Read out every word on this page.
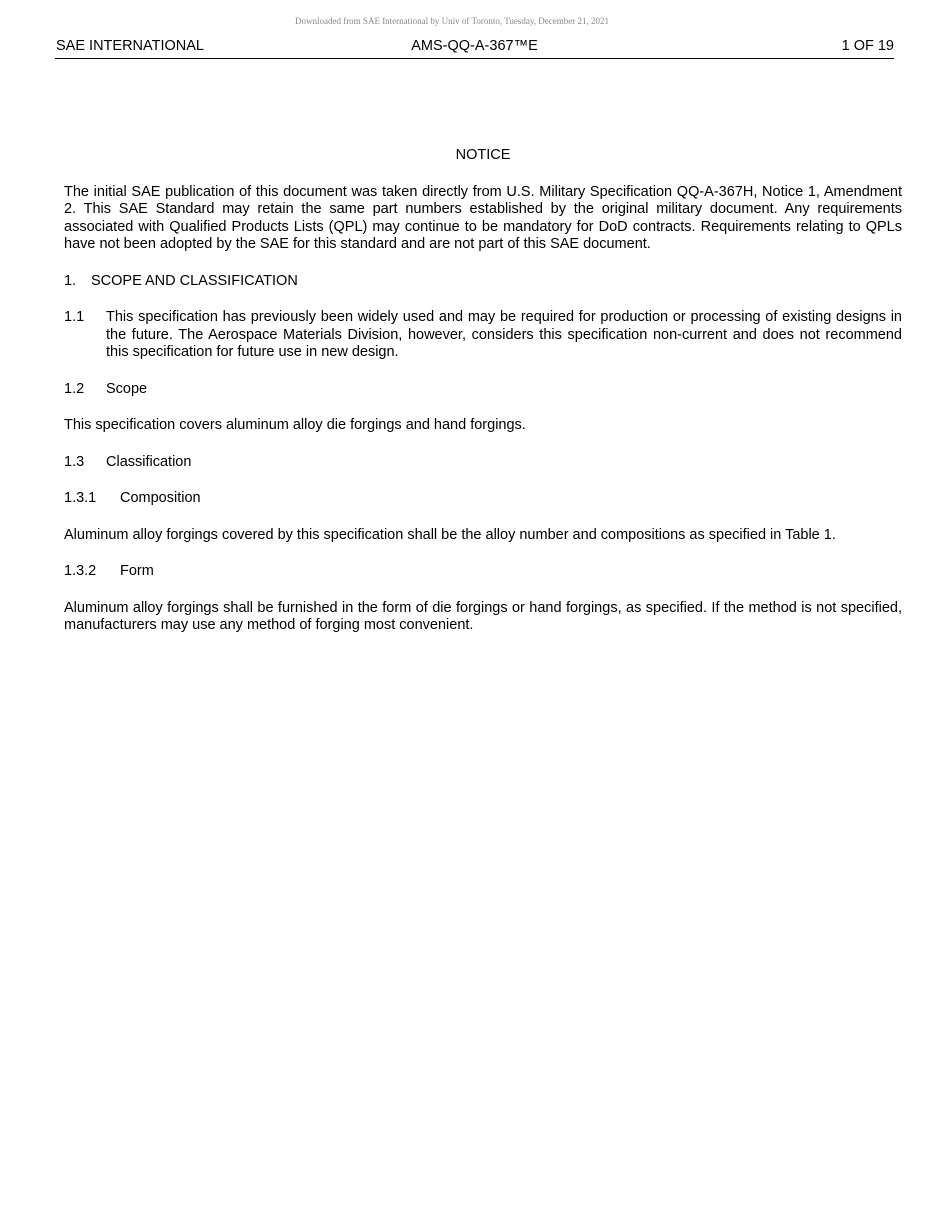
Downloaded from SAE International by Univ of Toronto, Tuesday, December 21, 2021
SAE INTERNATIONAL	AMS-QQ-A-367™E	1 OF 19

NOTICE

The initial SAE publication of this document was taken directly from U.S. Military Specification QQ-A-367H, Notice 1, Amendment 2. This SAE Standard may retain the same part numbers established by the original military document. Any requirements associated with Qualified Products Lists (QPL) may continue to be mandatory for DoD contracts. Requirements relating to QPLs have not been adopted by the SAE for this standard and are not part of this SAE document.

1. SCOPE AND CLASSIFICATION

1.1 This specification has previously been widely used and may be required for production or processing of existing designs in the future. The Aerospace Materials Division, however, considers this specification non-current and does not recommend this specification for future use in new design.

1.2 Scope

This specification covers aluminum alloy die forgings and hand forgings.

1.3 Classification

1.3.1 Composition

Aluminum alloy forgings covered by this specification shall be the alloy number and compositions as specified in Table 1.

1.3.2 Form

Aluminum alloy forgings shall be furnished in the form of die forgings or hand forgings, as specified. If the method is not specified, manufacturers may use any method of forging most convenient.
